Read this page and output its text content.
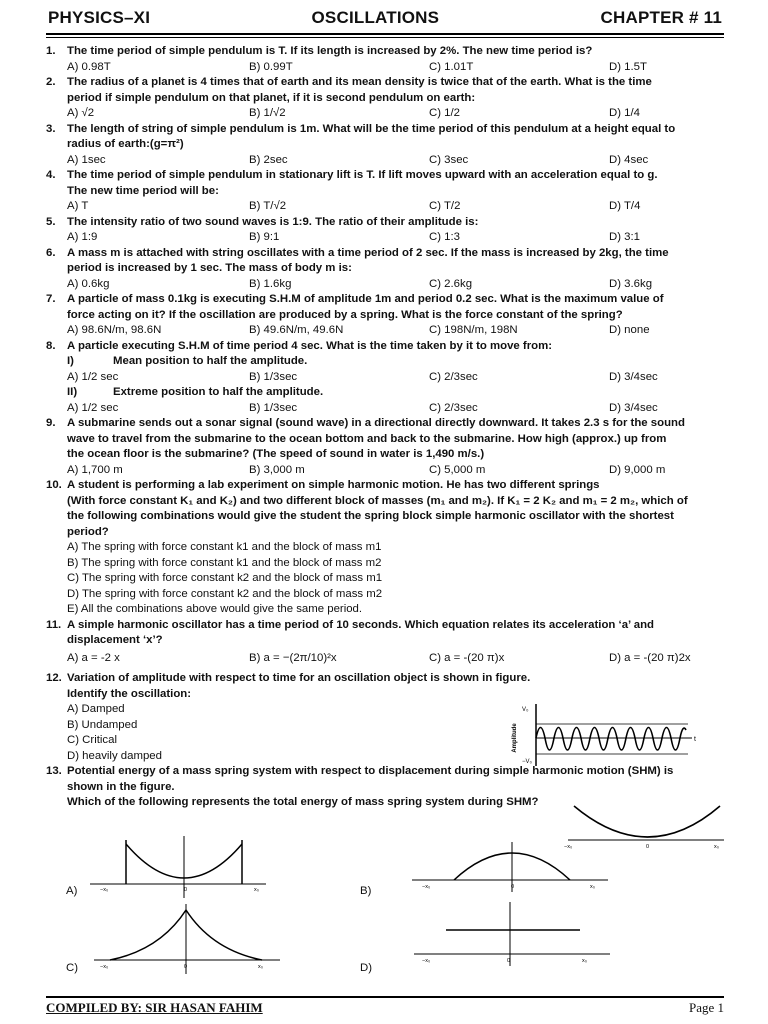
PHYSICS–XI	OSCILLATIONS	CHAPTER # 11
1. The time period of simple pendulum is T. If its length is increased by 2%. The new time period is?
A) 0.98T	B) 0.99T	C) 1.01T	D) 1.5T
2. The radius of a planet is 4 times that of earth and its mean density is twice that of the earth. What is the time
period if simple pendulum on that planet, if it is second pendulum on earth:
A) √2	B) 1/√2	C) 1/2	D) 1/4
3. The length of string of simple pendulum is 1m. What will be the time period of this pendulum at a height equal to
radius of earth:(g=π²)
A) 1sec	B) 2sec	C) 3sec	D) 4sec
4. The time period of simple pendulum in stationary lift is T. If lift moves upward with an acceleration equal to g.
The new time period will be:
A) T	B) T/√2	C) T/2	D) T/4
5. The intensity ratio of two sound waves is 1:9. The ratio of their amplitude is:
A) 1:9	B) 9:1	C) 1:3	D) 3:1
6. A mass m is attached with string oscillates with a time period of 2 sec. If the mass is increased by 2kg, the time
period is increased by 1 sec. The mass of body m is:
A) 0.6kg	B) 1.6kg	C) 2.6kg	D) 3.6kg
7. A particle of mass 0.1kg is executing S.H.M of amplitude 1m and period 0.2 sec. What is the maximum value of
force acting on it? If the oscillation are produced by a spring. What is the force constant of the spring?
A) 98.6N/m, 98.6N	B) 49.6N/m, 49.6N	C) 198N/m, 198N	D) none
8. A particle executing S.H.M of time period 4 sec. What is the time taken by it to move from:
I)	Mean position to half the amplitude.
A) 1/2 sec	B) 1/3sec	C) 2/3sec	D) 3/4sec
II)	Extreme position to half the amplitude.
A) 1/2 sec	B) 1/3sec	C) 2/3sec	D) 3/4sec
9. A submarine sends out a sonar signal (sound wave) in a directional directly downward. It takes 2.3 s for the sound
wave to travel from the submarine to the ocean bottom and back to the submarine. How high (approx.) up from
the ocean floor is the submarine? (The speed of sound in water is 1,490 m/s.)
A) 1,700 m	B) 3,000 m	C) 5,000 m	D) 9,000 m
10. A student is performing a lab experiment on simple harmonic motion. He has two different springs
(With force constant K₁ and K₂) and two different block of masses (m₁ and m₂). If K₁ = 2 K₂ and m₁ = 2 m₂, which of
the following combinations would give the student the spring block simple harmonic oscillator with the shortest
period?
A) The spring with force constant k1 and the block of mass m1
B) The spring with force constant k1 and the block of mass m2
C) The spring with force constant k2 and the block of mass m1
D) The spring with force constant k2 and the block of mass m2
E) All the combinations above would give the same period.
11. A simple harmonic oscillator has a time period of 10 seconds. Which equation relates its acceleration ‘a’ and
displacement ‘x’?
A) a = -2 x	B) a = −(2π/10)²x	C) a = -(20 π)x	D) a = -(20 π)2x
12. Variation of amplitude with respect to time for an oscillation object is shown in figure.
Identify the oscillation:
A) Damped
B) Undamped
C) Critical
D) heavily damped
13. Potential energy of a mass spring system with respect to displacement during simple harmonic motion (SHM) is
shown in the figure.
Which of the following represents the total energy of mass spring system during SHM?
Amplitude
V₀
−V₀
t
−x₀	0	x₀
A)	−x₀	0	x₀	B)	−x₀	0	x₀
C)	−x₀	0	x₀	D)
−x₀	0	x₀
COMPILED BY: SIR HASAN FAHIM	Page 1
